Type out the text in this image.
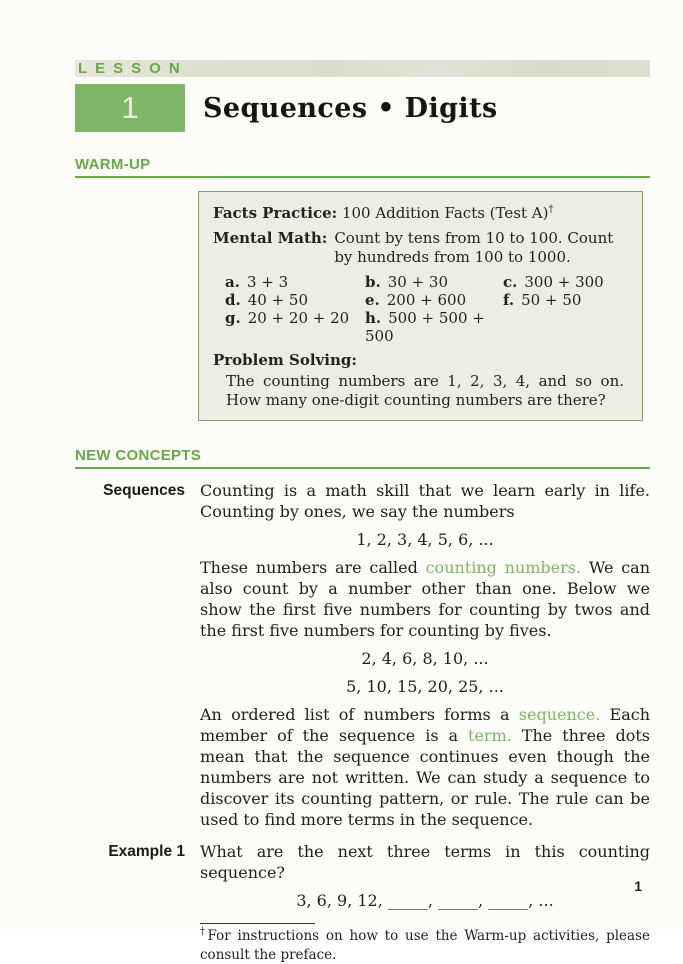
LESSON
1 Sequences • Digits
WARM-UP
Facts Practice: 100 Addition Facts (Test A)†
Mental Math: Count by tens from 10 to 100. Count by hundreds from 100 to 1000.
a. 3 + 3	b. 30 + 30	c. 300 + 300
d. 40 + 50	e. 200 + 600	f. 50 + 50
g. 20 + 20 + 20	h. 500 + 500 + 500
Problem Solving:
The counting numbers are 1, 2, 3, 4, and so on. How many one-digit counting numbers are there?
NEW CONCEPTS
Sequences Counting is a math skill that we learn early in life. Counting by ones, we say the numbers

1, 2, 3, 4, 5, 6, ...

These numbers are called counting numbers. We can also count by a number other than one. Below we show the first five numbers for counting by twos and the first five numbers for counting by fives.

2, 4, 6, 8, 10, ...
5, 10, 15, 20, 25, ...

An ordered list of numbers forms a sequence. Each member of the sequence is a term. The three dots mean that the sequence continues even though the numbers are not written. We can study a sequence to discover its counting pattern, or rule. The rule can be used to find more terms in the sequence.

Example 1 What are the next three terms in this counting sequence?

3, 6, 9, 12, _____, _____, _____, ...
†For instructions on how to use the Warm-up activities, please consult the preface.
1
